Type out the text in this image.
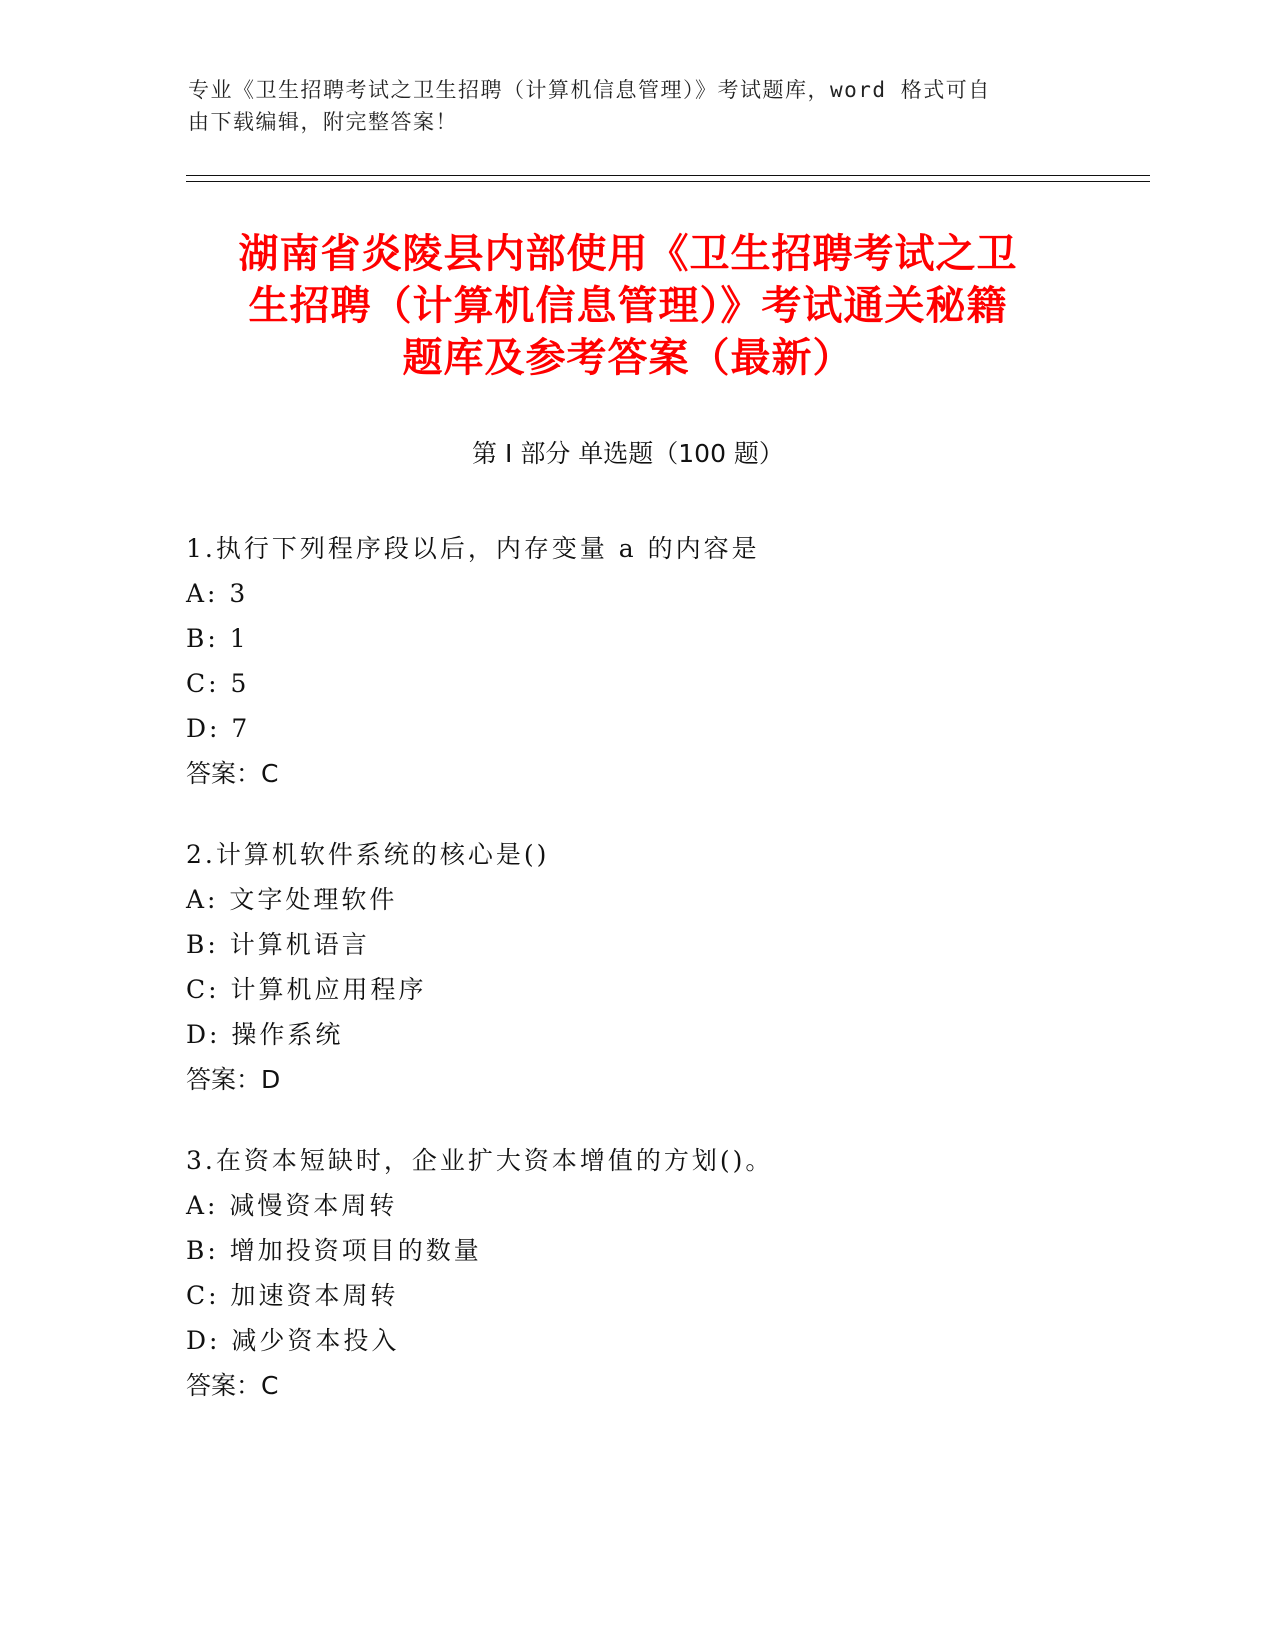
专业《卫生招聘考试之卫生招聘（计算机信息管理）》考试题库，word 格式可自
由下载编辑，附完整答案！
湖南省炎陵县内部使用《卫生招聘考试之卫
生招聘（计算机信息管理）》考试通关秘籍
题库及参考答案（最新）
第 I 部分 单选题（100 题）
1.执行下列程序段以后，内存变量 a 的内容是
A: 3
B: 1
C: 5
D: 7
答案：C
2.计算机软件系统的核心是()
A: 文字处理软件
B: 计算机语言
C: 计算机应用程序
D: 操作系统
答案：D
3.在资本短缺时，企业扩大资本增值的方划()。
A: 减慢资本周转
B: 增加投资项目的数量
C: 加速资本周转
D: 减少资本投入
答案：C
